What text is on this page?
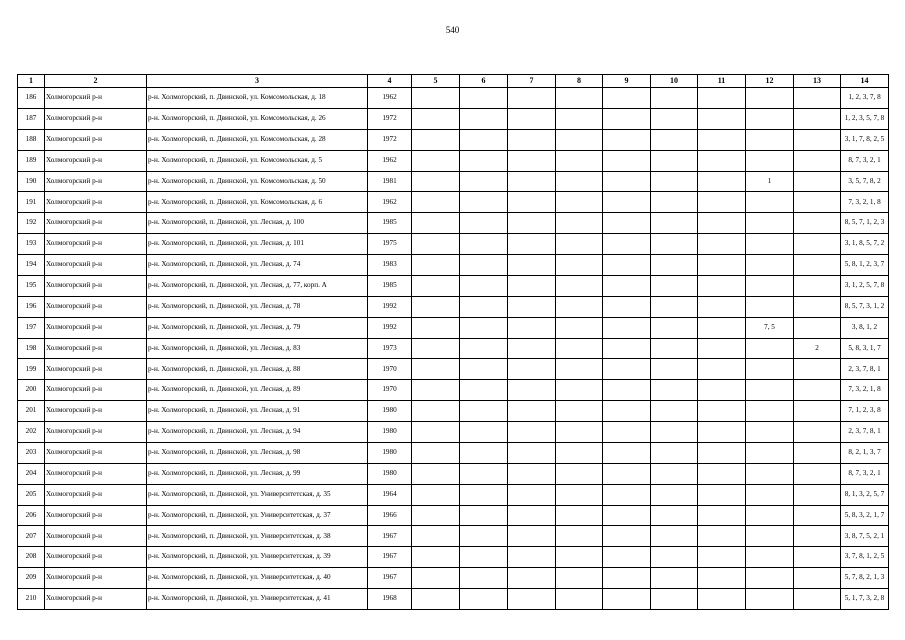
540
1	2	3	4	5	6	7	8	9	10	11	12	13	14
186	Холмогорский р-н	р-н. Холмогорский, п. Двинской, ул. Комсомольская, д. 18	1962										1, 2, 3, 7, 8
187	Холмогорский р-н	р-н. Холмогорский, п. Двинской, ул. Комсомольская, д. 26	1972										1, 2, 3, 5, 7, 8
188	Холмогорский р-н	р-н. Холмогорский, п. Двинской, ул. Комсомольская, д. 28	1972										3, 1, 7, 8, 2, 5
189	Холмогорский р-н	р-н. Холмогорский, п. Двинской, ул. Комсомольская, д. 5	1962										8, 7, 3, 2, 1
190	Холмогорский р-н	р-н. Холмогорский, п. Двинской, ул. Комсомольская, д. 50	1981								1		3, 5, 7, 8, 2
191	Холмогорский р-н	р-н. Холмогорский, п. Двинской, ул. Комсомольская, д. 6	1962										7, 3, 2, 1, 8
192	Холмогорский р-н	р-н. Холмогорский, п. Двинской, ул. Лесная, д. 100	1985										8, 5, 7, 1, 2, 3
193	Холмогорский р-н	р-н. Холмогорский, п. Двинской, ул. Лесная, д. 101	1975										3, 1, 8, 5, 7, 2
194	Холмогорский р-н	р-н. Холмогорский, п. Двинской, ул. Лесная, д. 74	1983										5, 8, 1, 2, 3, 7
195	Холмогорский р-н	р-н. Холмогорский, п. Двинской, ул. Лесная, д. 77, корп. А	1985										3, 1, 2, 5, 7, 8
196	Холмогорский р-н	р-н. Холмогорский, п. Двинской, ул. Лесная, д. 78	1992										8, 5, 7, 3, 1, 2
197	Холмогорский р-н	р-н. Холмогорский, п. Двинской, ул. Лесная, д. 79	1992								7, 5		3, 8, 1, 2
198	Холмогорский р-н	р-н. Холмогорский, п. Двинской, ул. Лесная, д. 83	1973									2	5, 8, 3, 1, 7
199	Холмогорский р-н	р-н. Холмогорский, п. Двинской, ул. Лесная, д. 88	1970										2, 3, 7, 8, 1
200	Холмогорский р-н	р-н. Холмогорский, п. Двинской, ул. Лесная, д. 89	1970										7, 3, 2, 1, 8
201	Холмогорский р-н	р-н. Холмогорский, п. Двинской, ул. Лесная, д. 91	1980										7, 1, 2, 3, 8
202	Холмогорский р-н	р-н. Холмогорский, п. Двинской, ул. Лесная, д. 94	1980										2, 3, 7, 8, 1
203	Холмогорский р-н	р-н. Холмогорский, п. Двинской, ул. Лесная, д. 98	1980										8, 2, 1, 3, 7
204	Холмогорский р-н	р-н. Холмогорский, п. Двинской, ул. Лесная, д. 99	1980										8, 7, 3, 2, 1
205	Холмогорский р-н	р-н. Холмогорский, п. Двинской, ул. Университетская, д. 35	1964										8, 1, 3, 2, 5, 7
206	Холмогорский р-н	р-н. Холмогорский, п. Двинской, ул. Университетская, д. 37	1966										5, 8, 3, 2, 1, 7
207	Холмогорский р-н	р-н. Холмогорский, п. Двинской, ул. Университетская, д. 38	1967										3, 8, 7, 5, 2, 1
208	Холмогорский р-н	р-н. Холмогорский, п. Двинской, ул. Университетская, д. 39	1967										3, 7, 8, 1, 2, 5
209	Холмогорский р-н	р-н. Холмогорский, п. Двинской, ул. Университетская, д. 40	1967										5, 7, 8, 2, 1, 3
210	Холмогорский р-н	р-н. Холмогорский, п. Двинской, ул. Университетская, д. 41	1968										5, 1, 7, 3, 2, 8
